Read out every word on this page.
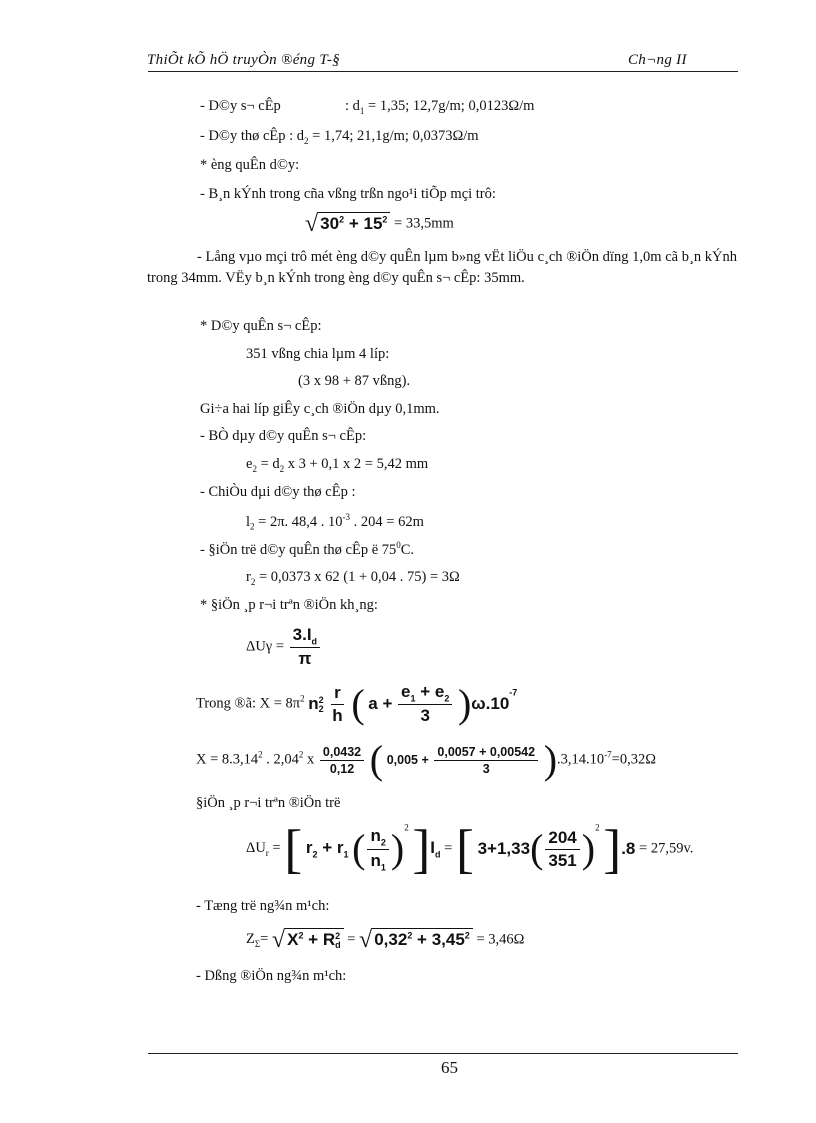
ThiÕt kÕ hÖ truyÒn ®éng T-§	Ch¬ng II
- D©y s¬ cÊp	: $d_1 = 1,35$; 12,7g/m; 0,0123Ω/m
- D©y thø cÊp : $d_2 = 1,74$; 21,1g/m; 0,0373Ω/m
* èng quÊn d©y:
- B¸n kÝnh trong cña vßng trßn ngo¹i tiÕp mçi trô:
√ $30^2 + 15^2 = 33,5mm$
- Lång vµo mçi trô mét èng d©y quÊn lµm b»ng vËt liÖu c¸ch ®iÖn dïng 1,0m cã b¸n kÝnh trong 34mm. VËy b¸n kÝnh trong èng d©y quÊn s¬ cÊp: 35mm.
* D©y quÊn s¬ cÊp:
351 vßng chia lµm 4 líp:
(3 x 98 + 87 vßng).
Gi÷a hai líp giÊy c¸ch ®iÖn dµy 0,1mm.
- BÒ dµy d©y quÊn s¬ cÊp:
$e_2 = d_2$ x 3 + 0,1 x 2 = 5,42 mm
- ChiÒu dµi d©y thø cÊp :
$l_2 = 2\pi$. 48,4 . $10^{-3}$ . 204 = 62m
- §iÖn trë d©y quÊn thø cÊp ë $75^0C$.
$r_2 = 0,0373$ x 62 (1 + 0,04 . 75) = 3Ω
* §iÖn ¸p r¬i trªn ®iÖn kh¸ng:
$\Delta U\gamma = \frac{3.I_d}{\pi}$
Trong ®ã: $X = 8\pi^2$ n 2
2
$\frac{r}{h}$ ( $a + \frac{e_1 + e_2}{3} )\omega.10^{-7}$
$X = 8.3,14^2$ . 2,04$^2$ x $\frac{0,0432}{0,12}$ ( $0,005 + \frac{0,0057 + 0,00542}{3} ).3,14.10^{-7}=0,32\Omega$
§iÖn ¸p r¬i trªn ®iÖn trë
$\Delta U_r$ = [ $r_2 + r_1$ ( $\frac{n_2}{n_1} )^2$ ]$I_d$ = [ $3+1,33( \frac{204}{351} )^2$ ].8 = 27,59v.
- Tæng trë ng¾n m¹ch:
$Z_\Sigma=$ √ $X^2 + R$ 2
d = √ $0,32^2 + 3,45^2 = 3,46\Omega$
- Dßng ®iÖn ng¾n m¹ch:
65
